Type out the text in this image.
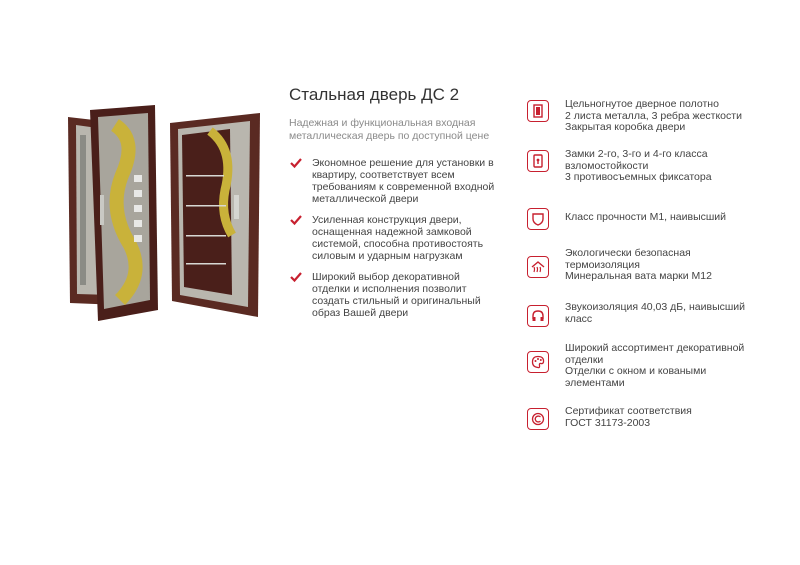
Стальная дверь ДС 2
Надежная и функциональная входная металлическая дверь по доступной цене
Экономное решение для установки в квартиру, соответствует всем требованиям к современной входной металлической двери
Усиленная конструкция двери, оснащенная надежной замковой системой, способна противостоять силовым и ударным нагрузкам
Широкий выбор декоративной отделки и исполнения позволит создать стильный и оригинальный образ Вашей двери
Цельногнутое дверное полотно
2 листа металла, 3 ребра жесткости
Закрытая коробка двери
Замки 2-го, 3-го и 4-го класса
взломостойкости
3 противосъемных фиксатора
Класс прочности М1, наивысший
Экологически безопасная
термоизоляция
Минеральная вата марки М12
Звукоизоляция 40,03 дБ, наивысший
класс
Широкий ассортимент декоративной
отделки
Отделки с окном и коваными
элементами
Сертификат соответствия
ГОСТ 31173-2003
